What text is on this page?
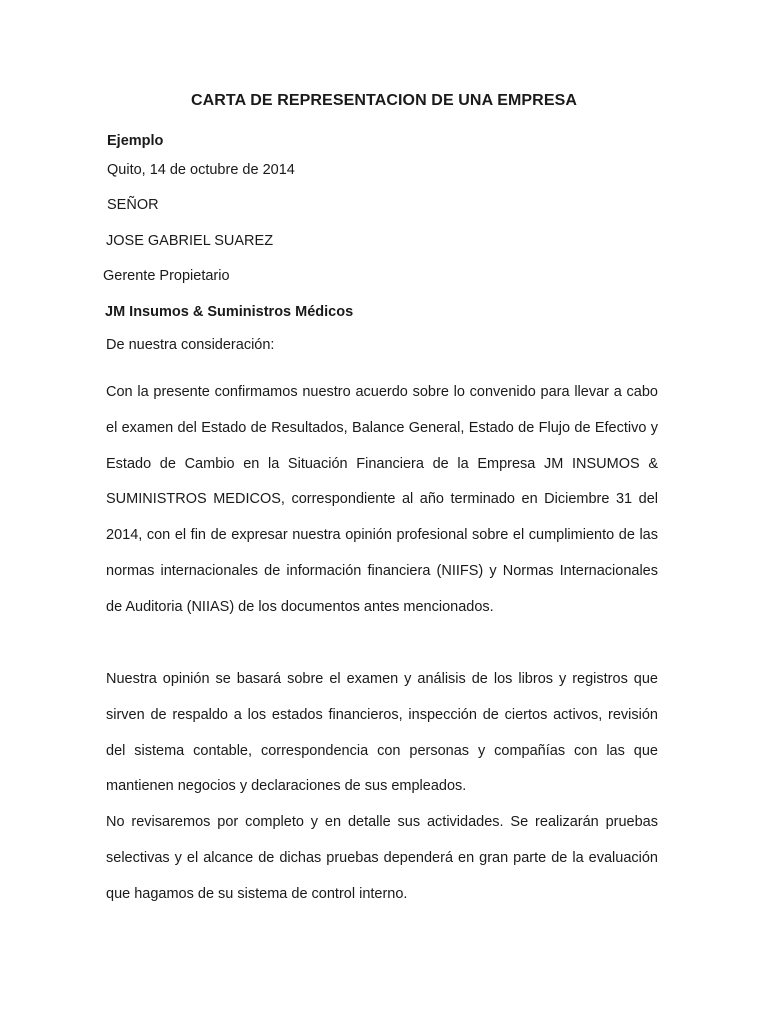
CARTA DE REPRESENTACION DE UNA EMPRESA
Ejemplo
Quito, 14 de octubre de 2014
SEÑOR
JOSE GABRIEL SUAREZ
Gerente Propietario
JM Insumos & Suministros Médicos
De nuestra consideración:

Con la presente confirmamos nuestro acuerdo sobre lo convenido para llevar a cabo el examen del Estado de Resultados, Balance General, Estado de Flujo de Efectivo y Estado de Cambio en la Situación Financiera de la Empresa JM INSUMOS & SUMINISTROS MEDICOS, correspondiente al año terminado en Diciembre 31 del 2014, con el fin de expresar nuestra opinión profesional sobre el cumplimiento de las normas internacionales de información financiera (NIIFS) y Normas Internacionales de Auditoria (NIIAS) de los documentos antes mencionados.

Nuestra opinión se basará sobre el examen y análisis de los libros y registros que sirven de respaldo a los estados financieros, inspección de ciertos activos, revisión del sistema contable, correspondencia con personas y compañías con las que mantienen negocios y declaraciones de sus empleados.

No revisaremos por completo y en detalle sus actividades. Se realizarán pruebas selectivas y el alcance de dichas pruebas dependerá en gran parte de la evaluación que hagamos de su sistema de control interno.
